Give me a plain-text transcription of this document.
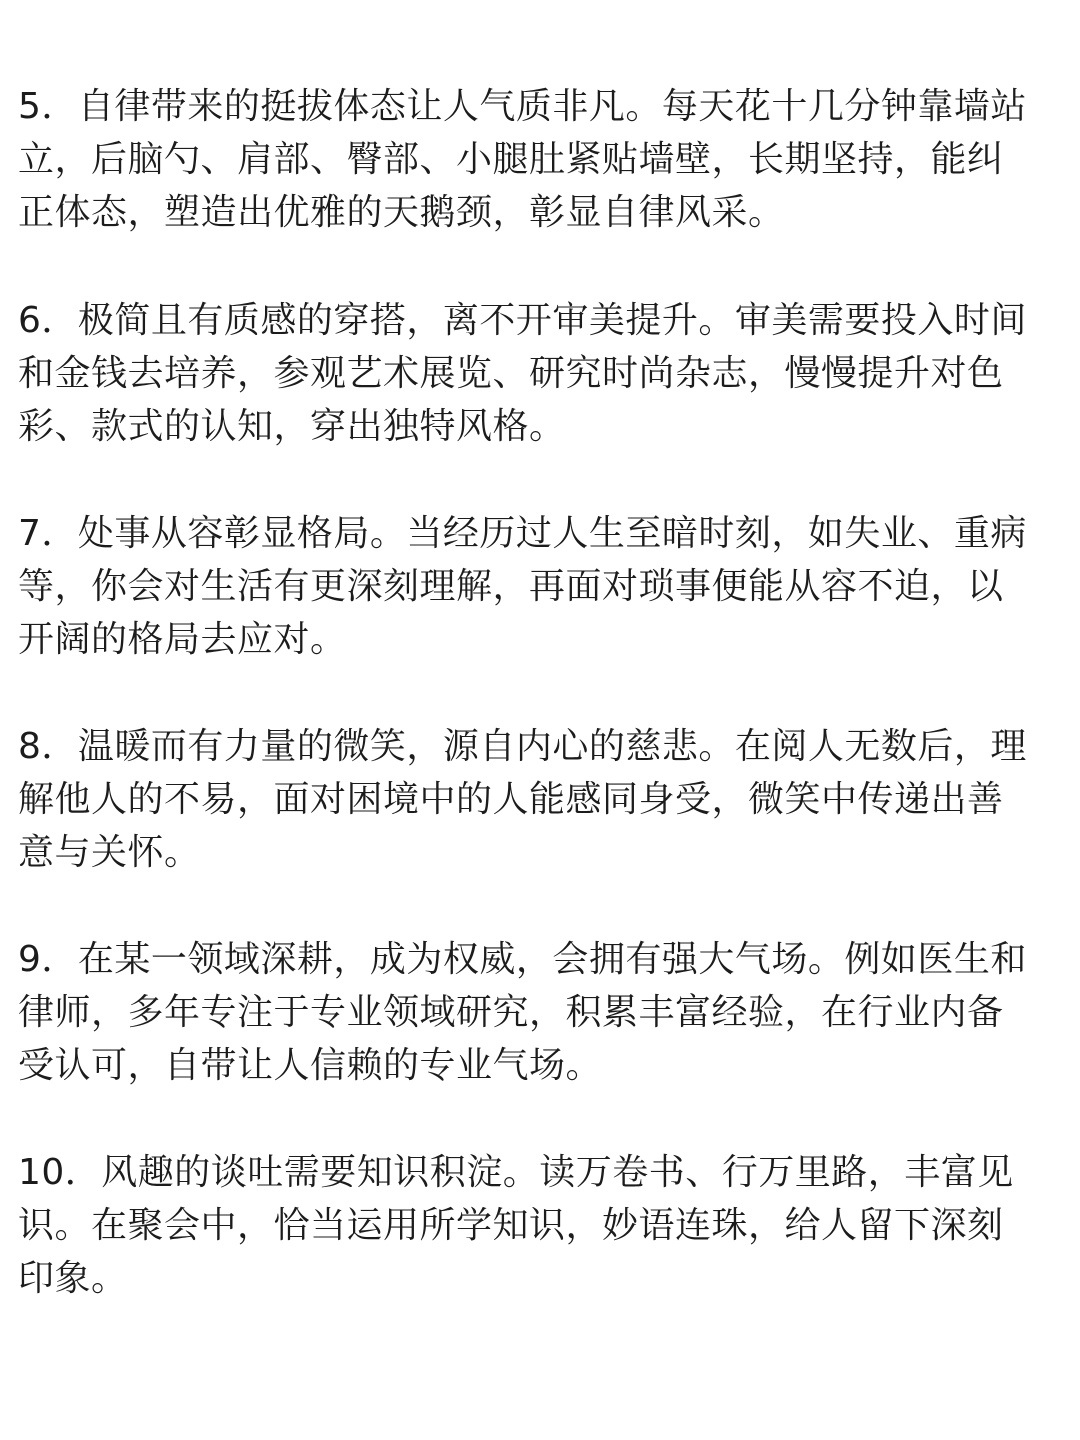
5．自律带来的挺拔体态让人气质非凡。每天花十几分钟靠墙站
立，后脑勺、肩部、臀部、小腿肚紧贴墙壁，长期坚持，能纠
正体态，塑造出优雅的天鹅颈，彰显自律风采。

6．极简且有质感的穿搭，离不开审美提升。审美需要投入时间
和金钱去培养，参观艺术展览、研究时尚杂志，慢慢提升对色
彩、款式的认知，穿出独特风格。

7．处事从容彰显格局。当经历过人生至暗时刻，如失业、重病
等，你会对生活有更深刻理解，再面对琐事便能从容不迫，以
开阔的格局去应对。

8．温暖而有力量的微笑，源自内心的慈悲。在阅人无数后，理
解他人的不易，面对困境中的人能感同身受，微笑中传递出善
意与关怀。

9．在某一领域深耕，成为权威，会拥有强大气场。例如医生和
律师，多年专注于专业领域研究，积累丰富经验，在行业内备
受认可，自带让人信赖的专业气场。

10．风趣的谈吐需要知识积淀。读万卷书、行万里路，丰富见
识。在聚会中，恰当运用所学知识，妙语连珠，给人留下深刻
印象。
